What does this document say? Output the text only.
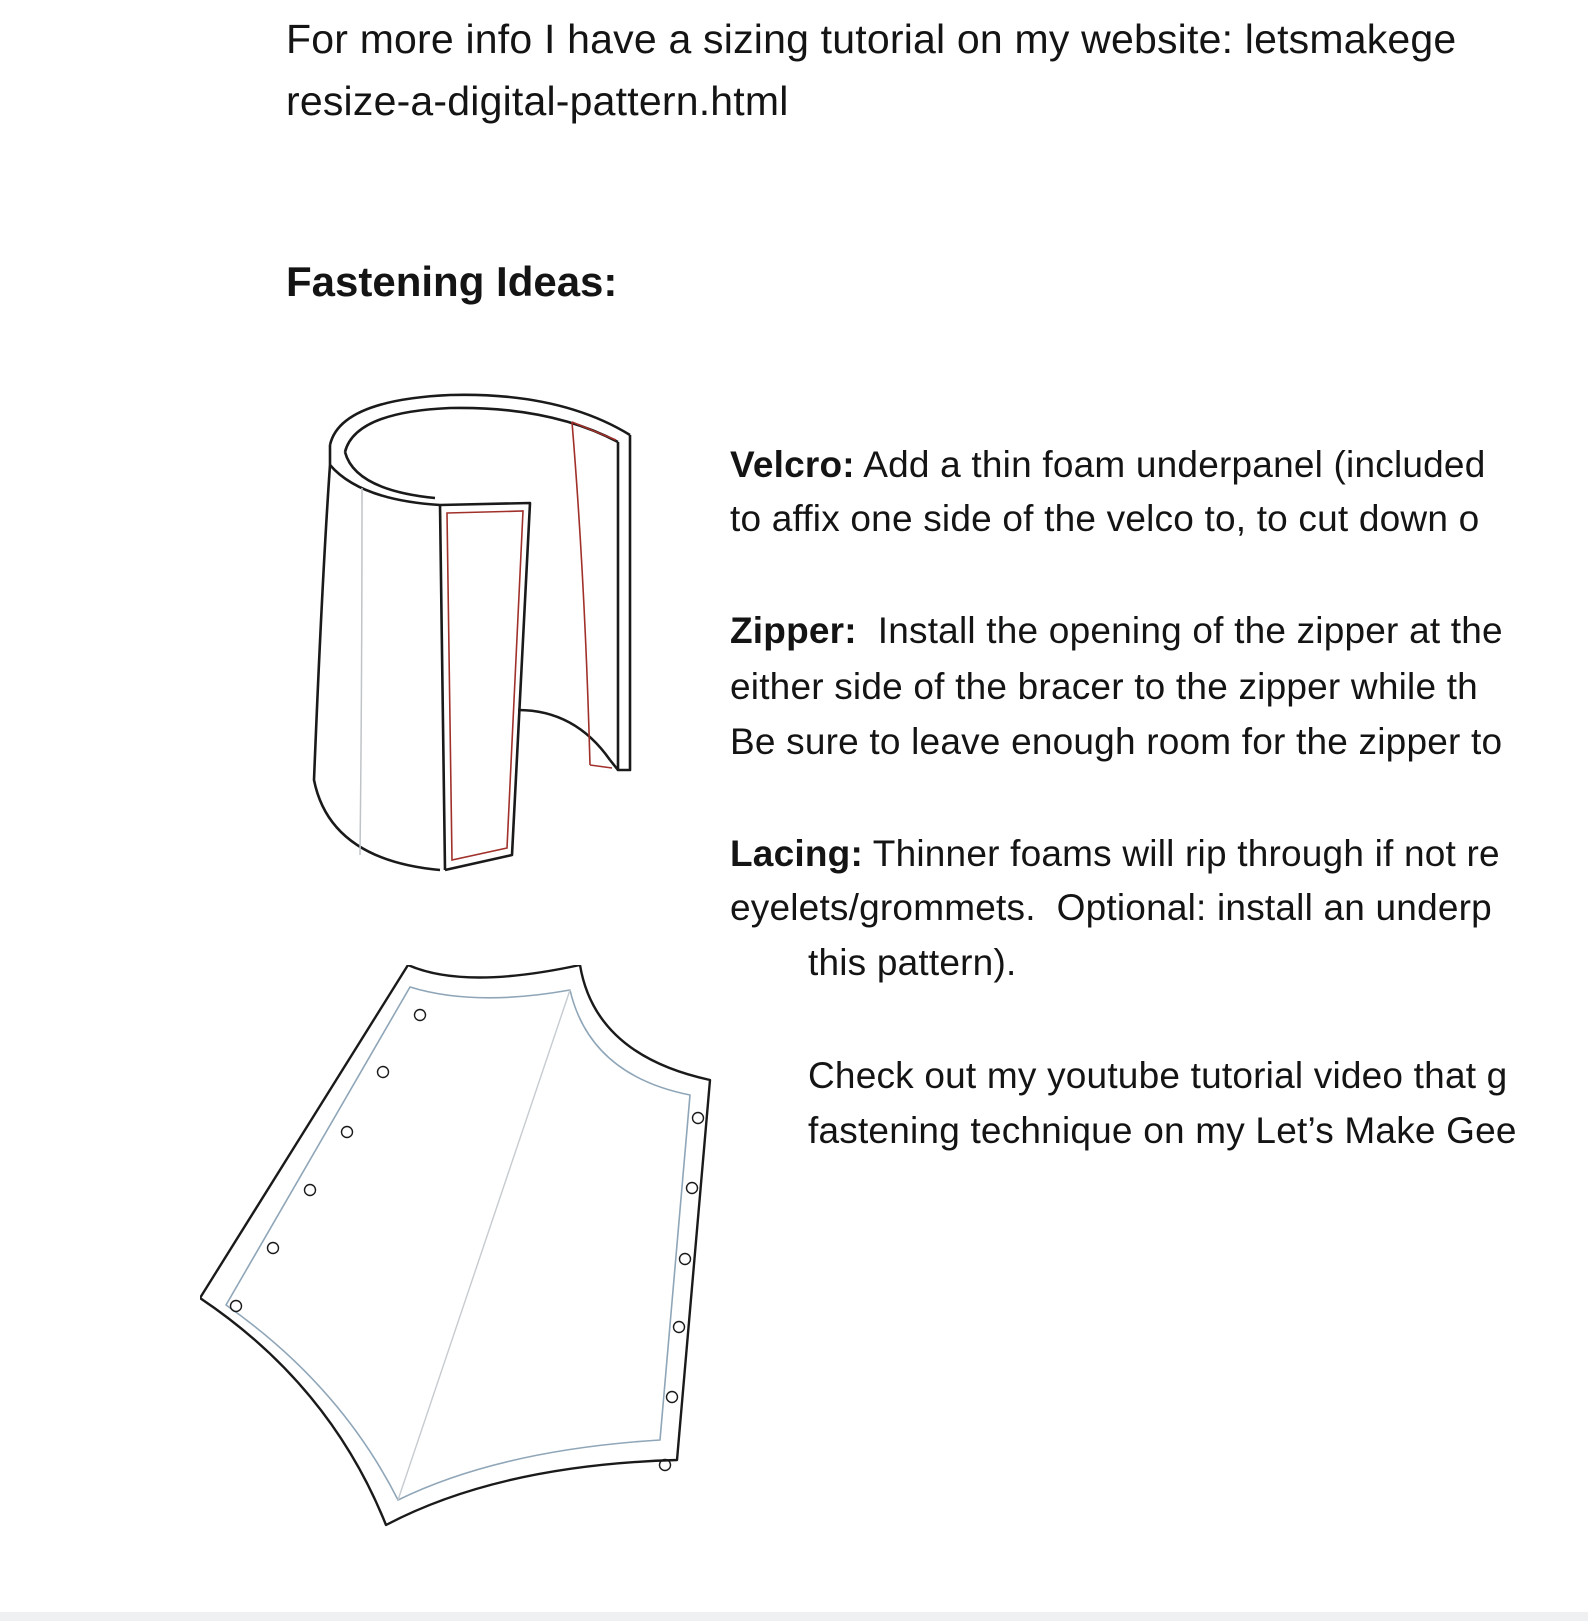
For more info I have a sizing tutorial on my website: letsmakege
resize-a-digital-pattern.html
Fastening Ideas:
Velcro: Add a thin foam underpanel (included
to affix one side of the velco to, to cut down o
Zipper:  Install the opening of the zipper at the
either side of the bracer to the zipper while th
Be sure to leave enough room for the zipper to
Lacing: Thinner foams will rip through if not re
eyelets/grommets.  Optional: install an underp
this pattern).
Check out my youtube tutorial video that g
fastening technique on my Let’s Make Gee
